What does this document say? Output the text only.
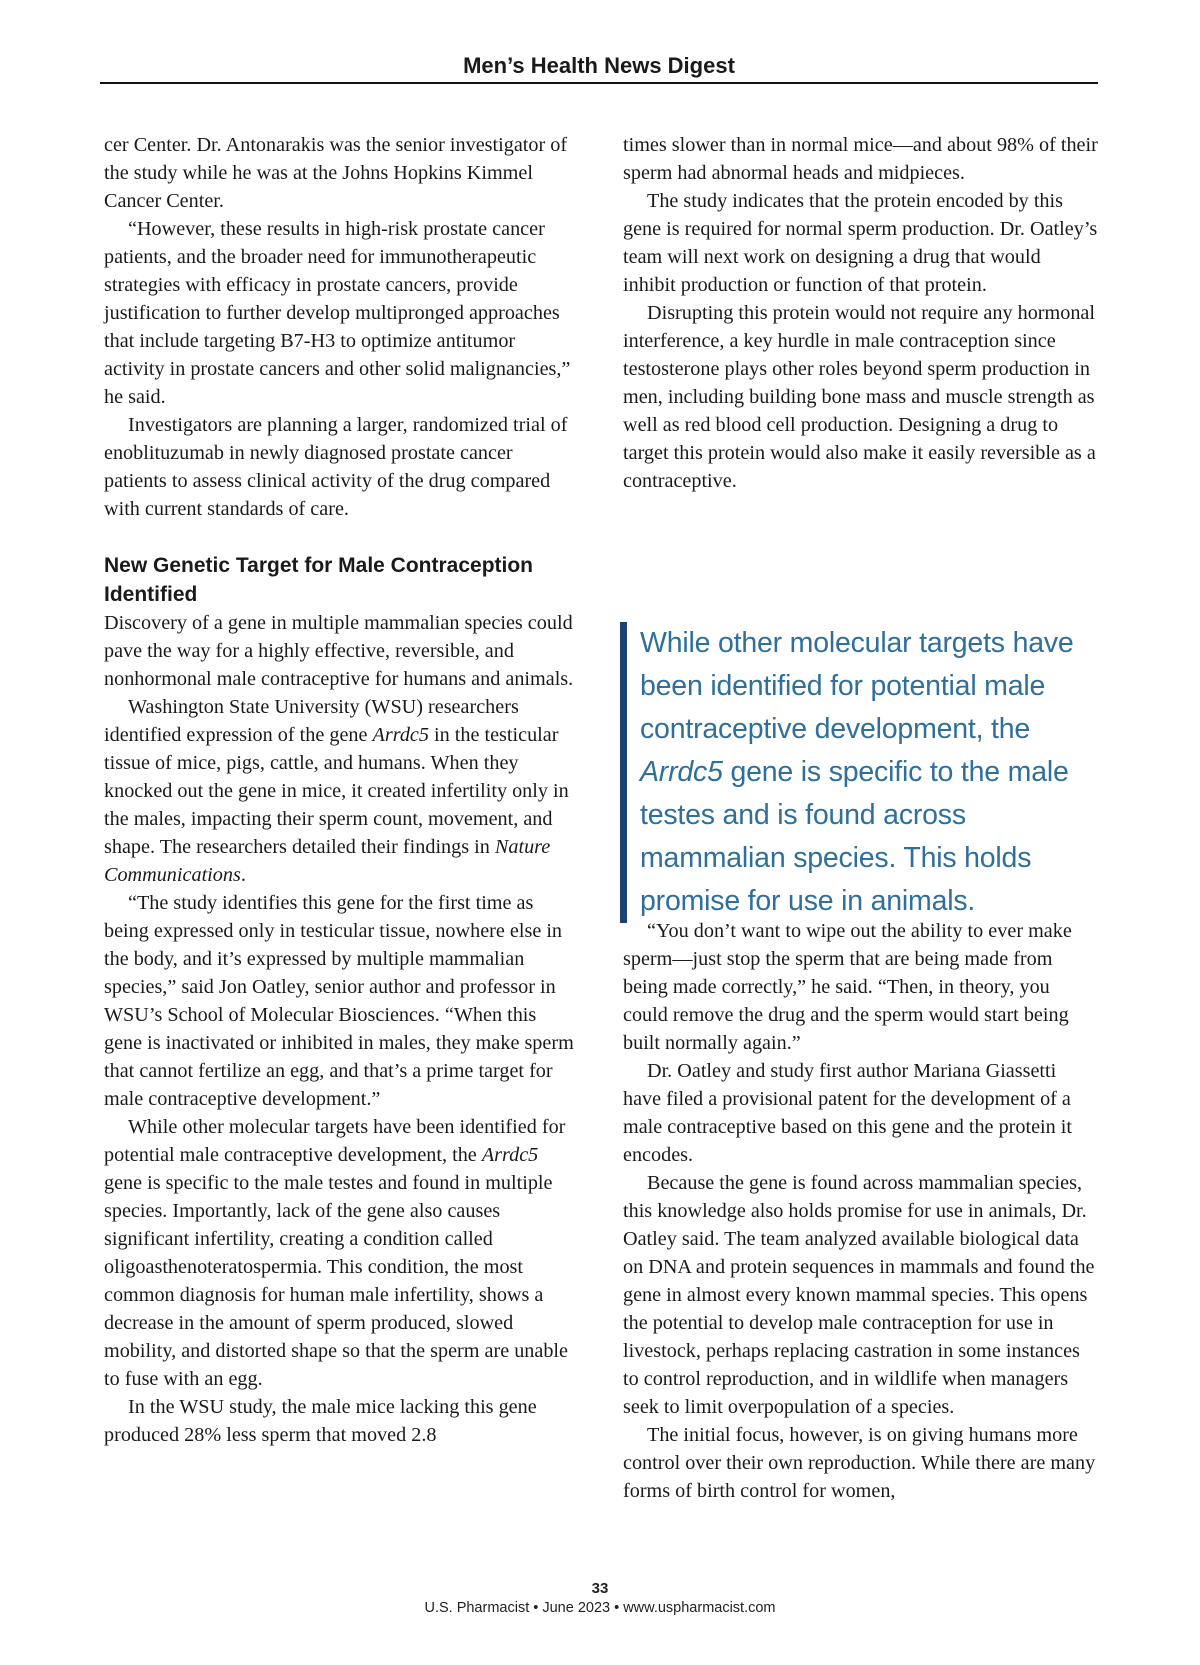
Men’s Health News Digest

cer Center. Dr. Antonarakis was the senior investigator of the study while he was at the Johns Hopkins Kimmel Cancer Center.

“However, these results in high-risk prostate cancer patients, and the broader need for immunotherapeutic strategies with efficacy in prostate cancers, provide justification to further develop multipronged approaches that include targeting B7-H3 to optimize antitumor activity in prostate cancers and other solid malignancies,” he said.

Investigators are planning a larger, randomized trial of enoblituzumab in newly diagnosed prostate cancer patients to assess clinical activity of the drug compared with current standards of care.

New Genetic Target for Male Contraception Identified

Discovery of a gene in multiple mammalian species could pave the way for a highly effective, reversible, and nonhormonal male contraceptive for humans and animals.

Washington State University (WSU) researchers identified expression of the gene Arrdc5 in the testicular tissue of mice, pigs, cattle, and humans. When they knocked out the gene in mice, it created infertility only in the males, impacting their sperm count, movement, and shape. The researchers detailed their findings in Nature Communications.

“The study identifies this gene for the first time as being expressed only in testicular tissue, nowhere else in the body, and it’s expressed by multiple mammalian species,” said Jon Oatley, senior author and professor in WSU’s School of Molecular Biosciences. “When this gene is inactivated or inhibited in males, they make sperm that cannot fertilize an egg, and that’s a prime target for male contraceptive development.”

While other molecular targets have been identified for potential male contraceptive development, the Arrdc5 gene is specific to the male testes and found in multiple species. Importantly, lack of the gene also causes significant infertility, creating a condition called oligoasthenoteratospermia. This condition, the most common diagnosis for human male infertility, shows a decrease in the amount of sperm produced, slowed mobility, and distorted shape so that the sperm are unable to fuse with an egg.

In the WSU study, the male mice lacking this gene produced 28% less sperm that moved 2.8

times slower than in normal mice—and about 98% of their sperm had abnormal heads and midpieces.

The study indicates that the protein encoded by this gene is required for normal sperm production. Dr. Oatley’s team will next work on designing a drug that would inhibit production or function of that protein.

Disrupting this protein would not require any hormonal interference, a key hurdle in male contraception since testosterone plays other roles beyond sperm production in men, including building bone mass and muscle strength as well as red blood cell production. Designing a drug to target this protein would also make it easily reversible as a contraceptive.

While other molecular targets have been identified for potential male contraceptive development, the Arrdc5 gene is specific to the male testes and is found across mammalian species. This holds promise for use in animals.

“You don’t want to wipe out the ability to ever make sperm—just stop the sperm that are being made from being made correctly,” he said. “Then, in theory, you could remove the drug and the sperm would start being built normally again.”

Dr. Oatley and study first author Mariana Giassetti have filed a provisional patent for the development of a male contraceptive based on this gene and the protein it encodes.

Because the gene is found across mammalian species, this knowledge also holds promise for use in animals, Dr. Oatley said. The team analyzed available biological data on DNA and protein sequences in mammals and found the gene in almost every known mammal species. This opens the potential to develop male contraception for use in livestock, perhaps replacing castration in some instances to control reproduction, and in wildlife when managers seek to limit overpopulation of a species.

The initial focus, however, is on giving humans more control over their own reproduction. While there are many forms of birth control for women,

33
U.S. Pharmacist • June 2023 • www.uspharmacist.com
